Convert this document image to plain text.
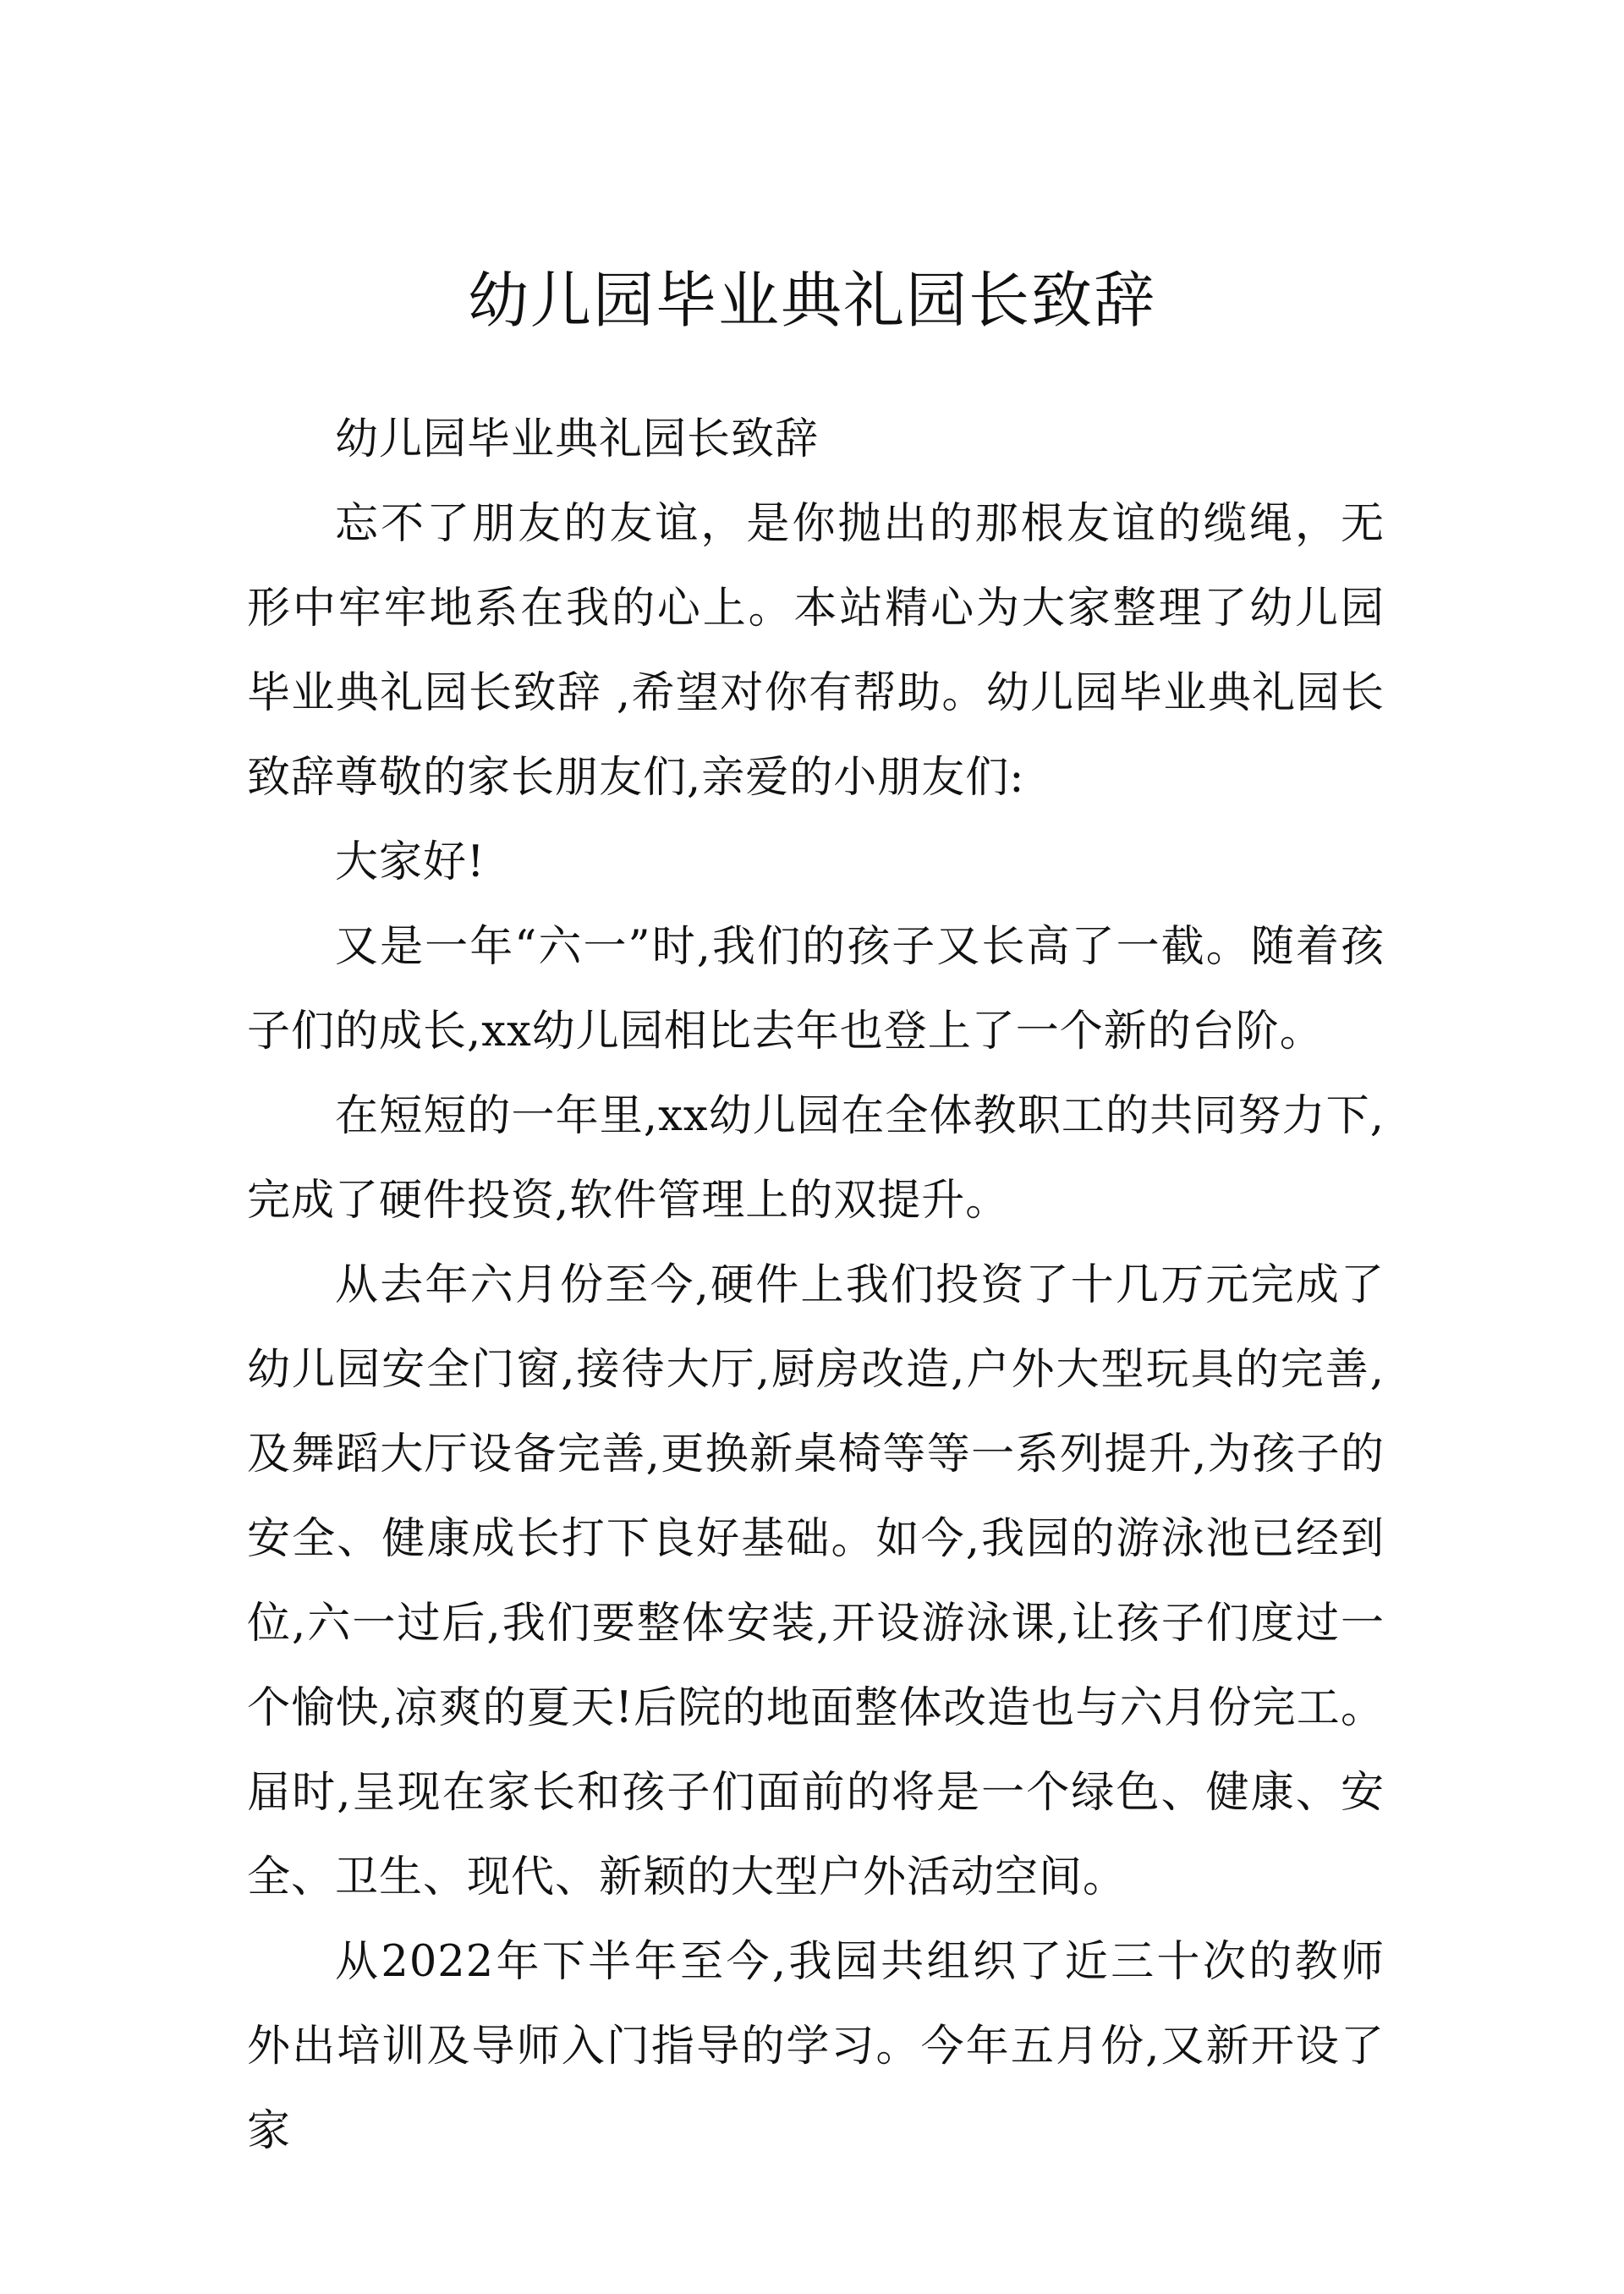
幼儿园毕业典礼园长致辞

幼儿园毕业典礼园长致辞

忘不了朋友的友谊，是你抛出的那根友谊的缆绳，无形中牢牢地系在我的心上。本站精心为大家整理了幼儿园毕业典礼园长致辞 ,希望对你有帮助。幼儿园毕业典礼园长致辞尊敬的家长朋友们,亲爱的小朋友们:

大家好!

又是一年“六一”时,我们的孩子又长高了一截。随着孩子们的成长,xx幼儿园相比去年也登上了一个新的台阶。

在短短的一年里,xx幼儿园在全体教职工的共同努力下,完成了硬件投资,软件管理上的双提升。

从去年六月份至今,硬件上我们投资了十几万元完成了幼儿园安全门窗,接待大厅,厨房改造,户外大型玩具的完善,及舞蹈大厅设备完善,更换新桌椅等等一系列提升,为孩子的安全、健康成长打下良好基础。如今,我园的游泳池已经到位,六一过后,我们要整体安装,开设游泳课,让孩子们度过一个愉快,凉爽的夏天!后院的地面整体改造也与六月份完工。届时,呈现在家长和孩子们面前的将是一个绿色、健康、安全、卫生、现代、新颖的大型户外活动空间。

从2022年下半年至今,我园共组织了近三十次的教师外出培训及导师入门指导的学习。今年五月份,又新开设了家
